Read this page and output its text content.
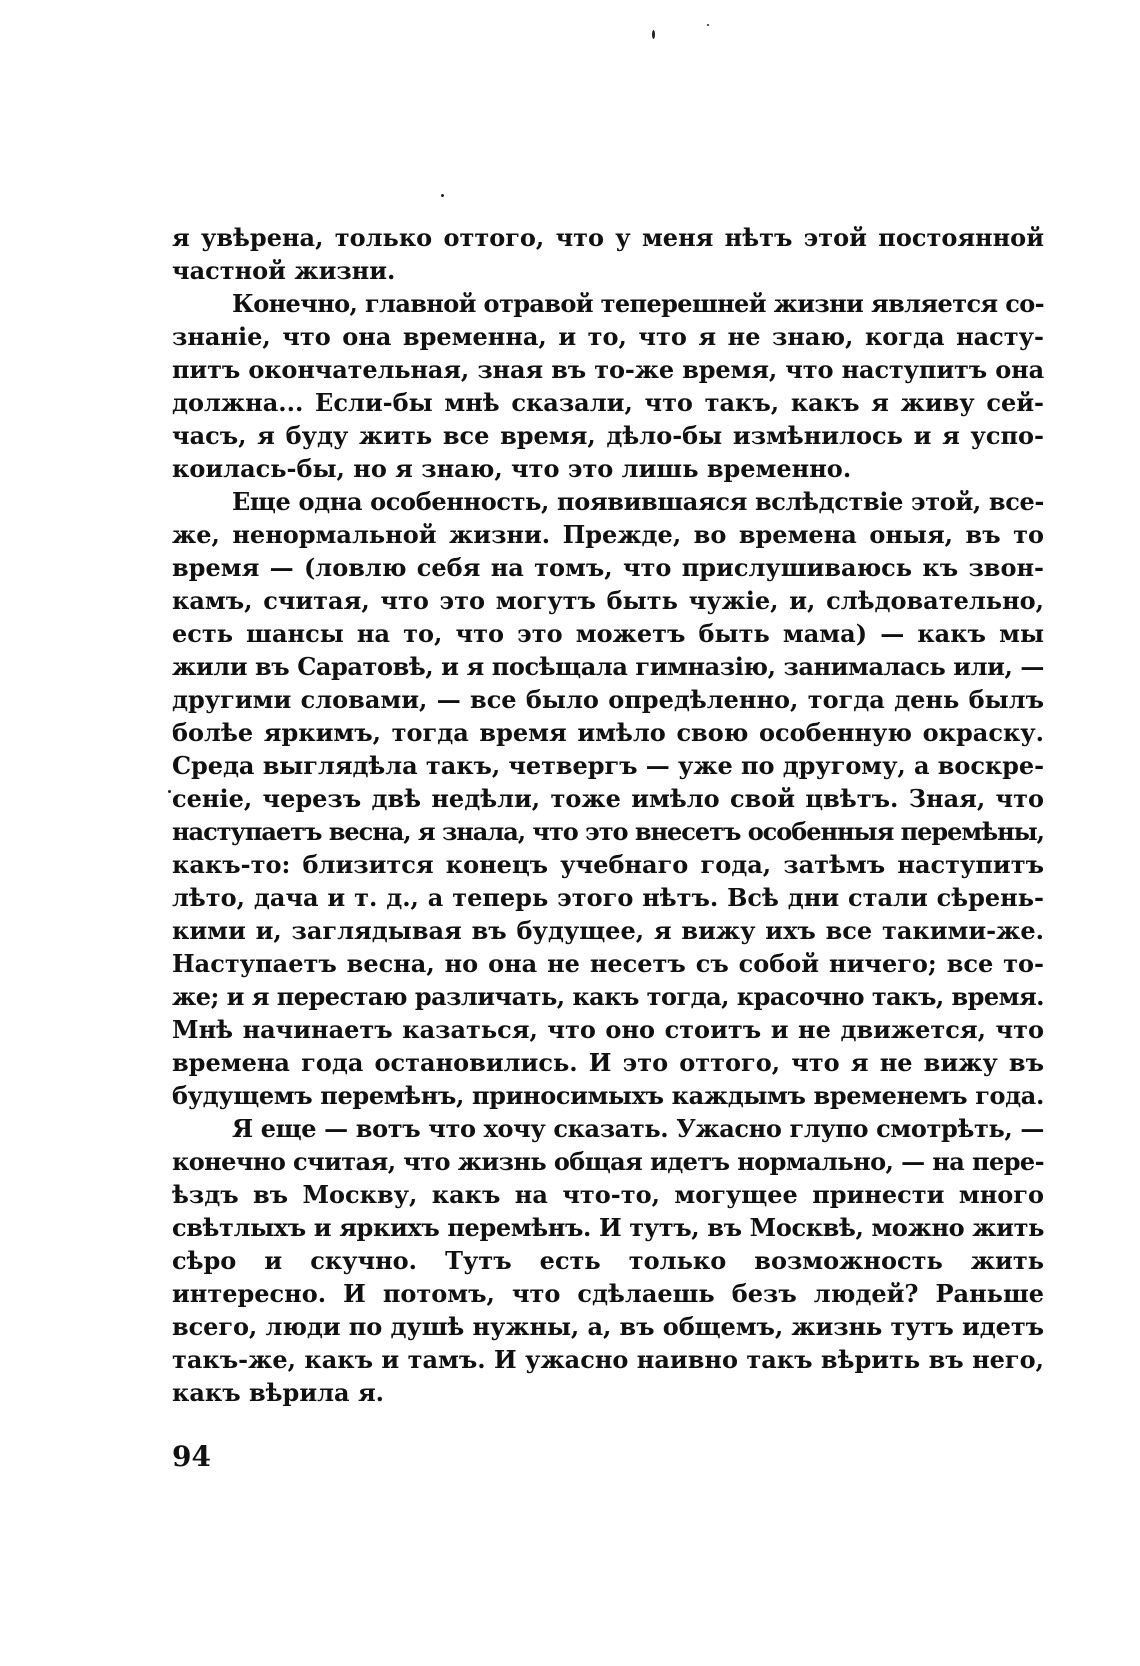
я увѣрена, только оттого, что у меня нѣтъ этой постоянной
частной жизни.
Конечно, главной отравой теперешней жизни является со-
знаніе, что она временна, и то, что я не знаю, когда насту-
питъ окончательная, зная въ то-же время, что наступитъ она
должна... Если-бы мнѣ сказали, что такъ, какъ я живу сей-
часъ, я буду жить все время, дѣло-бы измѣнилось и я успо-
коилась-бы, но я знаю, что это лишь временно.
Еще одна особенность, появившаяся вслѣдствіе этой, все-
же, ненормальной жизни. Прежде, во времена оныя, въ то
время — (ловлю себя на томъ, что прислушиваюсь къ звон-
камъ, считая, что это могутъ быть чужіе, и, слѣдовательно,
есть шансы на то, что это можетъ быть мама) — какъ мы
жили въ Саратовѣ, и я посѣщала гимназію, занималась или, —
другими словами, — все было опредѣленно, тогда день былъ
болѣе яркимъ, тогда время имѣло свою особенную окраску.
Среда выглядѣла такъ, четвергъ — уже по другому, а воскре-
сеніе, черезъ двѣ недѣли, тоже имѣло свой цвѣтъ. Зная, что
наступаетъ весна, я знала, что это внесетъ особенныя перемѣны,
какъ-то: близится конецъ учебнаго года, затѣмъ наступитъ
лѣто, дача и т. д., а теперь этого нѣтъ. Всѣ дни стали сѣрень-
кими и, заглядывая въ будущее, я вижу ихъ все такими-же.
Наступаетъ весна, но она не несетъ съ собой ничего; все то-
же; и я перестаю различать, какъ тогда, красочно такъ, время.
Мнѣ начинаетъ казаться, что оно стоитъ и не движется, что
времена года остановились. И это оттого, что я не вижу въ
будущемъ перемѣнъ, приносимыхъ каждымъ временемъ года.
Я еще — вотъ что хочу сказать. Ужасно глупо смотрѣть, —
конечно считая, что жизнь общая идетъ нормально, — на пере-
ѣздъ въ Москву, какъ на что-то, могущее принести много
свѣтлыхъ и яркихъ перемѣнъ. И тутъ, въ Москвѣ, можно жить
сѣро и скучно. Тутъ есть только возможность жить
интересно. И потомъ, что сдѣлаешь безъ людей? Раньше
всего, люди по душѣ нужны, а, въ общемъ, жизнь тутъ идетъ
такъ-же, какъ и тамъ. И ужасно наивно такъ вѣрить въ него,
какъ вѣрила я.
94
